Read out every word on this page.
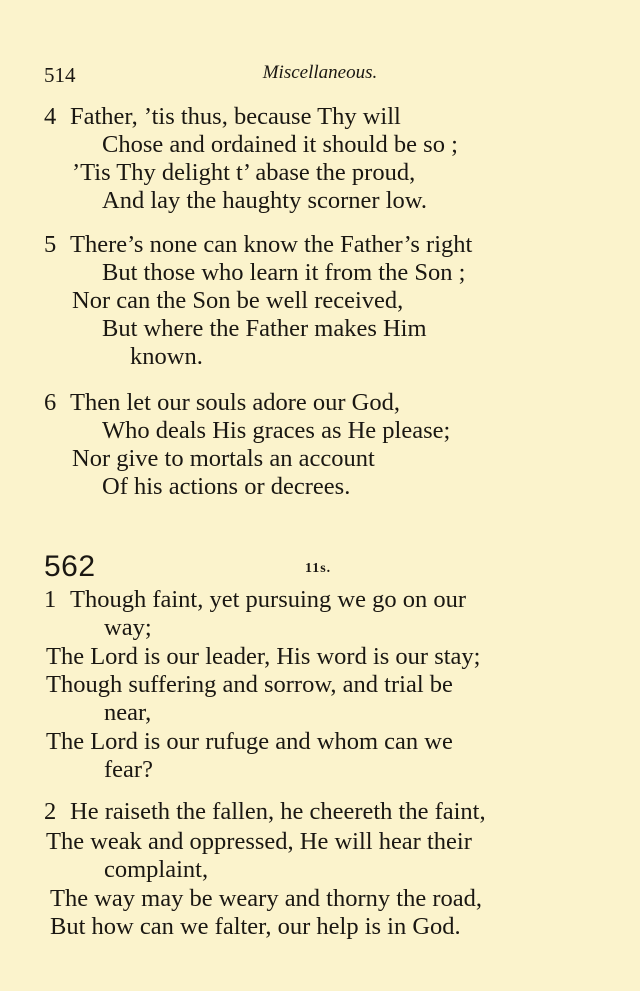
514	Miscellaneous.
4 Father, ’tis thus, because Thy will
Chose and ordained it should be so ;
’Tis Thy delight t’ abase the proud,
And lay the haughty scorner low.
5 There’s none can know the Father’s right
But those who learn it from the Son ;
Nor can the Son be well received,
But where the Father makes Him
known.
6 Then let our souls adore our God,
Who deals His graces as He please;
Nor give to mortals an account
Of his actions or decrees.
562	11s.
1 Though faint, yet pursuing we go on our
way;
The Lord is our leader, His word is our stay;
Though suffering and sorrow, and trial be
near,
The Lord is our rufuge and whom can we
fear?
2 He raiseth the fallen, he cheereth the faint,
The weak and oppressed, He will hear their
complaint,
The way may be weary and thorny the road,
But how can we falter, our help is in God.
